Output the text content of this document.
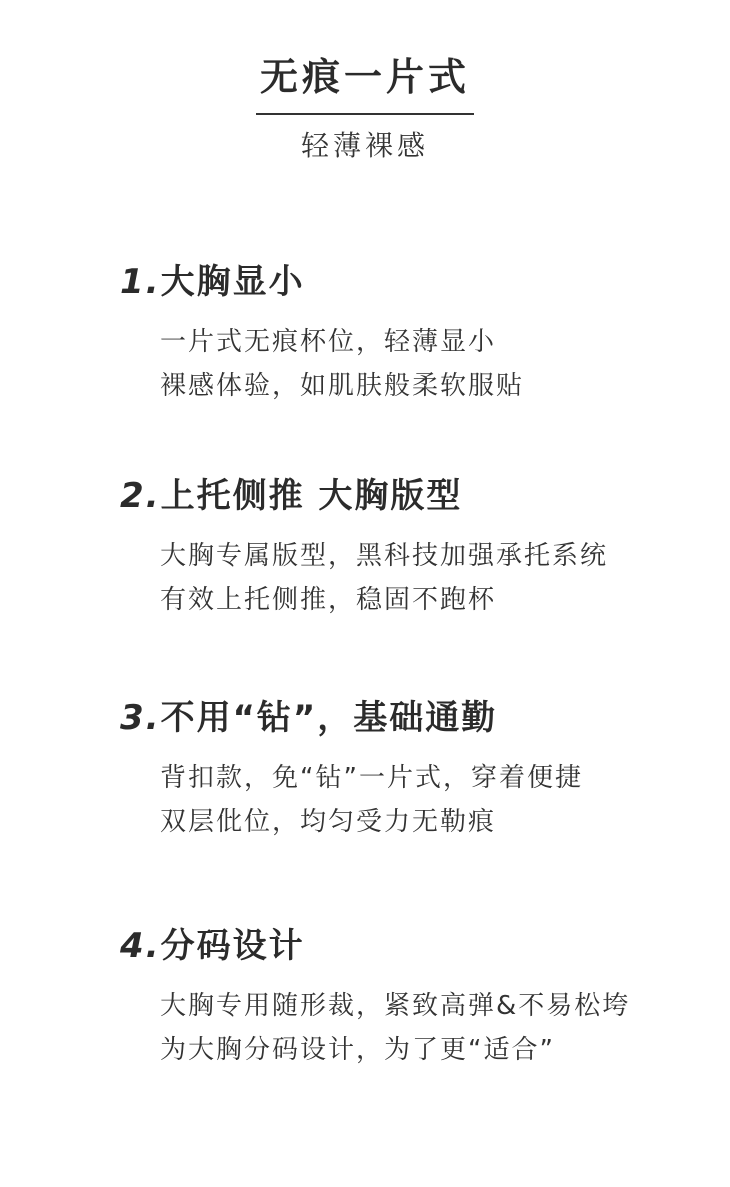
无痕一片式
轻薄裸感
1.大胸显小
一片式无痕杯位，轻薄显小
裸感体验，如肌肤般柔软服贴
2.上托侧推 大胸版型
大胸专属版型，黑科技加强承托系统
有效上托侧推，稳固不跑杯
3.不用“钻”，基础通勤
背扣款，免“钻”一片式，穿着便捷
双层仳位，均匀受力无勒痕
4.分码设计
大胸专用随形裁，紧致高弹&不易松垮
为大胸分码设计，为了更“适合”
